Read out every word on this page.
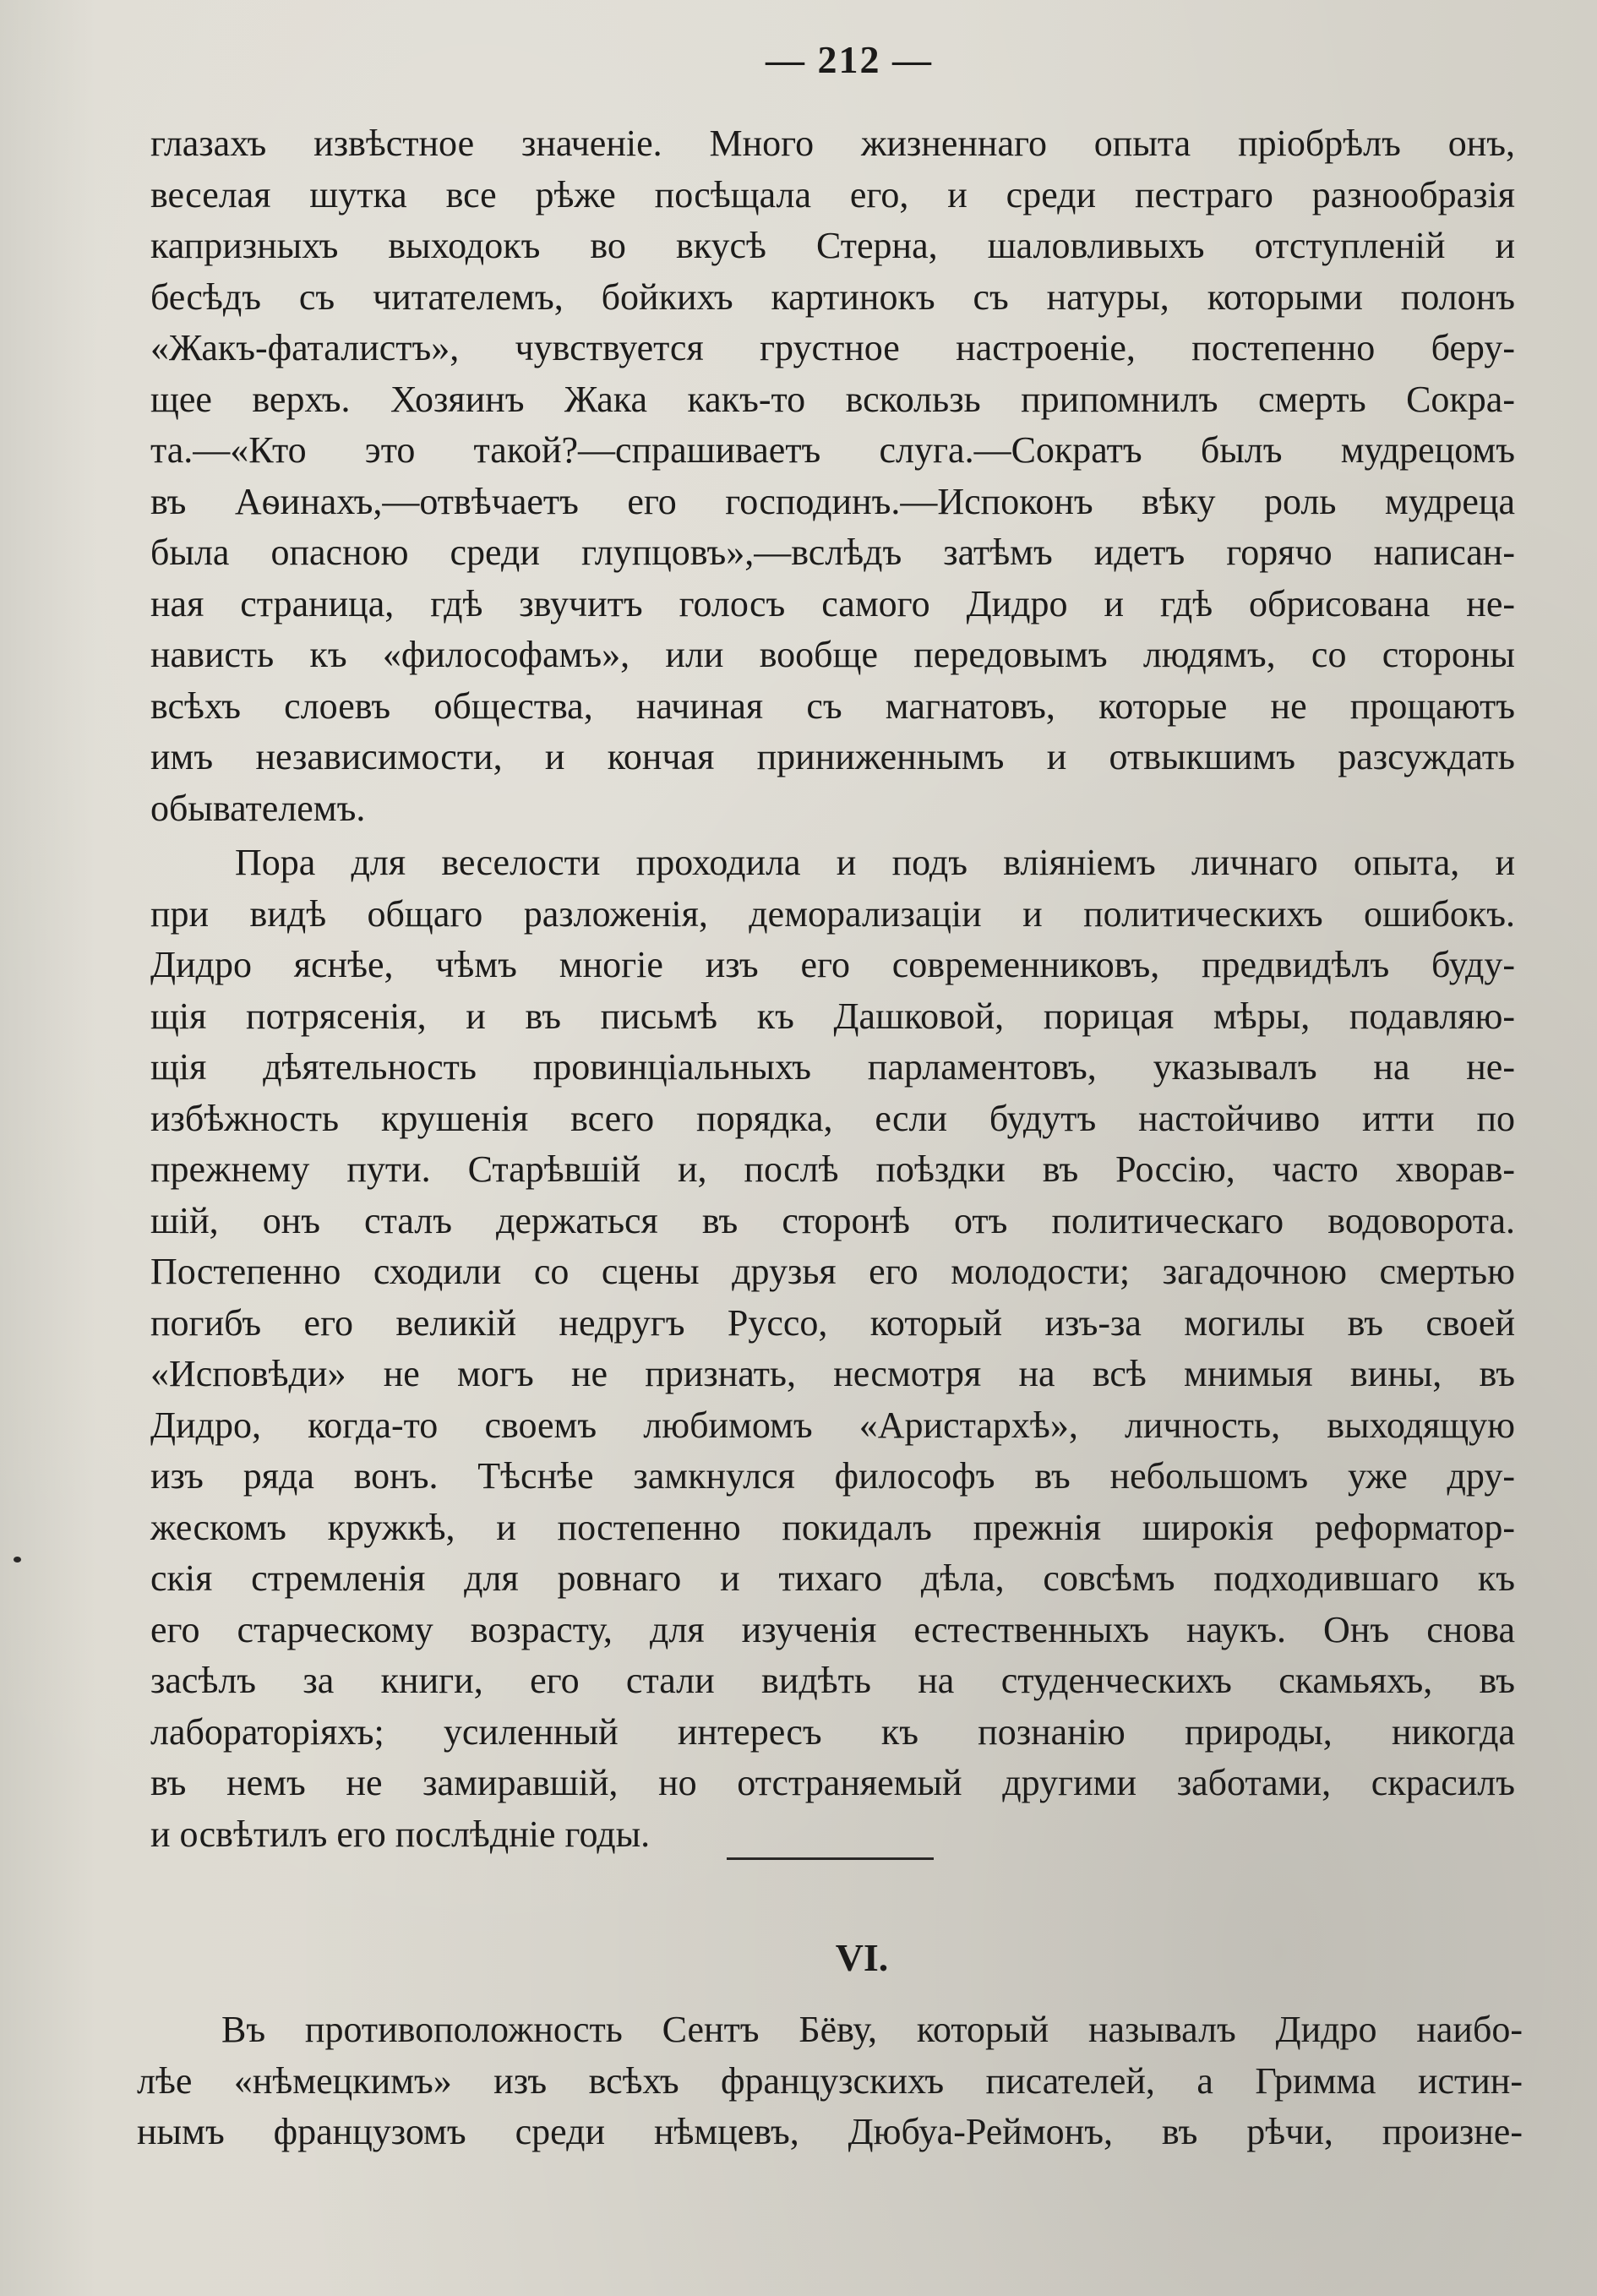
— 212 —
глазахъ извѣстное значеніе. Много жизненнаго опыта пріобрѣлъ онъ,
веселая шутка все рѣже посѣщала его, и среди пестраго разнообразія
капризныхъ выходокъ во вкусѣ Стерна, шаловливыхъ отступленій и
бесѣдъ съ читателемъ, бойкихъ картинокъ съ натуры, которыми полонъ
«Жакъ-фаталистъ», чувствуется грустное настроеніе, постепенно беру-
щее верхъ. Хозяинъ Жака какъ-то вскользь припомнилъ смерть Сокра-
та.—«Кто это такой?—спрашиваетъ слуга.—Сократъ былъ мудрецомъ
въ Аѳинахъ,—отвѣчаетъ его господинъ.—Испоконъ вѣку роль мудреца
была опасною среди глупцовъ»,—вслѣдъ затѣмъ идетъ горячо написан-
ная страница, гдѣ звучитъ голосъ самого Дидро и гдѣ обрисована не-
нависть къ «философамъ», или вообще передовымъ людямъ, со стороны
всѣхъ слоевъ общества, начиная съ магнатовъ, которые не прощаютъ
имъ независимости, и кончая приниженнымъ и отвыкшимъ разсуждать
обывателемъ.
Пора для веселости проходила и подъ вліяніемъ личнаго опыта, и
при видѣ общаго разложенія, деморализаціи и политическихъ ошибокъ.
Дидро яснѣе, чѣмъ многіе изъ его современниковъ, предвидѣлъ буду-
щія потрясенія, и въ письмѣ къ Дашковой, порицая мѣры, подавляю-
щія дѣятельность провинціальныхъ парламентовъ, указывалъ на не-
избѣжность крушенія всего порядка, если будутъ настойчиво итти по
прежнему пути. Старѣвшій и, послѣ поѣздки въ Россію, часто хворав-
шій, онъ сталъ держаться въ сторонѣ отъ политическаго водоворота.
Постепенно сходили со сцены друзья его молодости; загадочною смертью
погибъ его великій недругъ Руссо, который изъ-за могилы въ своей
«Исповѣди» не могъ не признать, несмотря на всѣ мнимыя вины, въ
Дидро, когда-то своемъ любимомъ «Аристархѣ», личность, выходящую
изъ ряда вонъ. Тѣснѣе замкнулся философъ въ небольшомъ уже дру-
жескомъ кружкѣ, и постепенно покидалъ прежнія широкія реформатор-
скія стремленія для ровнаго и тихаго дѣла, совсѣмъ подходившаго къ
его старческому возрасту, для изученія естественныхъ наукъ. Онъ снова
засѣлъ за книги, его стали видѣть на студенческихъ скамьяхъ, въ
лабораторіяхъ; усиленный интересъ къ познанію природы, никогда
въ немъ не замиравшій, но отстраняемый другими заботами, скрасилъ
и освѣтилъ его послѣдніе годы.
VI.
Въ противоположность Сентъ Бёву, который называлъ Дидро наибо-
лѣе «нѣмецкимъ» изъ всѣхъ французскихъ писателей, а Гримма истин-
нымъ французомъ среди нѣмцевъ, Дюбуа-Реймонъ, въ рѣчи, произне-
